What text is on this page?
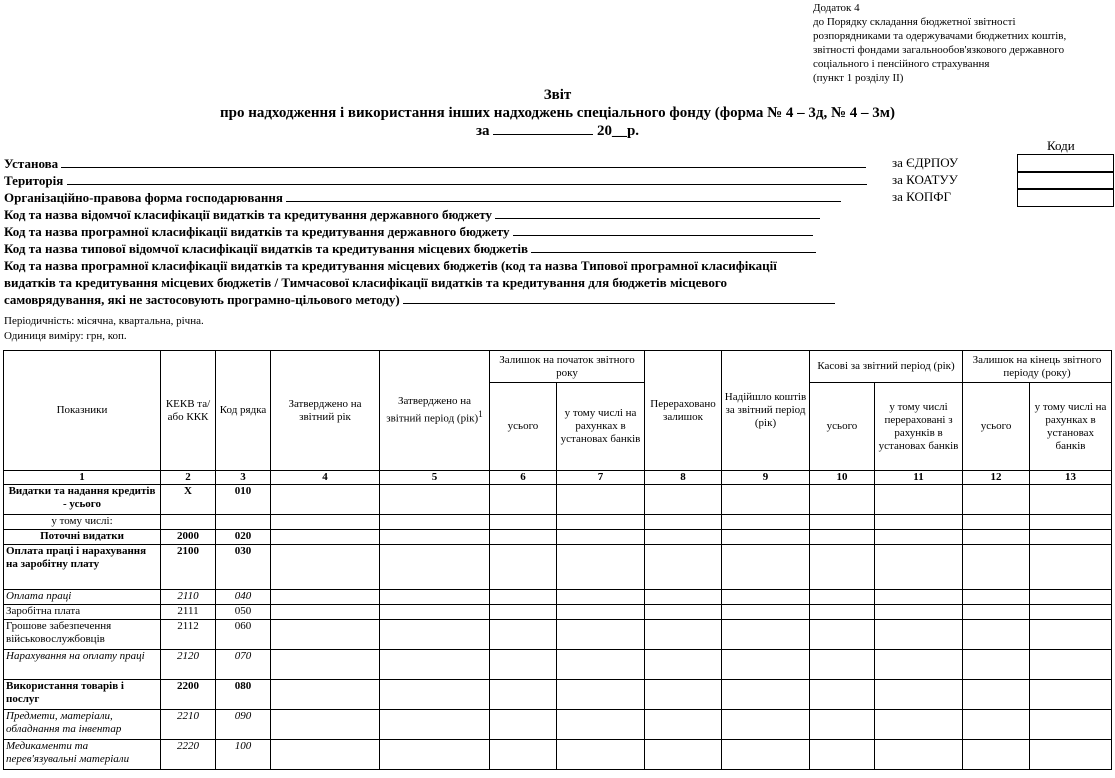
Додаток 4
до Порядку складання бюджетної звітності
розпорядниками та одержувачами бюджетних коштів,
звітності фондами загальнообов'язкового державного
соціального і пенсійного страхування
(пункт 1 розділу ІІ)
Звіт
про надходження і використання інших надходжень спеціального фонду (форма № 4 – 3д, № 4 – 3м)
за	20__р.
Коди
Установа
Територія
Організаційно-правова форма господарювання
Код та назва відомчої класифікації видатків та кредитування державного бюджету
Код та назва програмної класифікації видатків та кредитування державного бюджету
Код та назва типової відомчої класифікації видатків та кредитування місцевих бюджетів
Код та назва програмної класифікації видатків та кредитування місцевих бюджетів (код та назва Типової програмної класифікації
видатків та кредитування місцевих бюджетів / Тимчасової класифікації видатків та кредитування для бюджетів місцевого
самоврядування, які не застосовують програмно-цільового методу)
за ЄДРПОУ
за КОАТУУ
за КОПФГ
Періодичність: місячна, квартальна, річна.
Одиниця виміру: грн, коп.
Показники	КЕКВ та/або ККК	Код рядка	Затверджено на звітний рік	Затверджено на звітний період (рік)$^1$	Залишок на початок звітного року		Перераховано залишок	Надійшло коштів за звітний період (рік)	Касові за звітний період (рік)		Залишок на кінець звітного періоду (року)	
					усього	у тому числі на рахунках в установах банків			усього	у тому числі перераховані з рахунків в установах банків	усього	у тому числі на рахунках в установах банків
1	2	3	4	5	6	7	8	9	10	11	12	13
Видатки та надання кредитів - усього	Х	010										
у тому числі:												
Поточні видатки	2000	020										
Оплата праці і нарахування на заробітну плату	2100	030										
Оплата праці	2110	040										
Заробітна плата	2111	050										
Грошове забезпечення військовослужбовців	2112	060										
Нарахування на оплату праці	2120	070										
Використання товарів і послуг	2200	080										
Предмети, матеріали, обладнання та інвентар	2210	090										
Медикаменти та перев'язувальні матеріали	2220	100										
